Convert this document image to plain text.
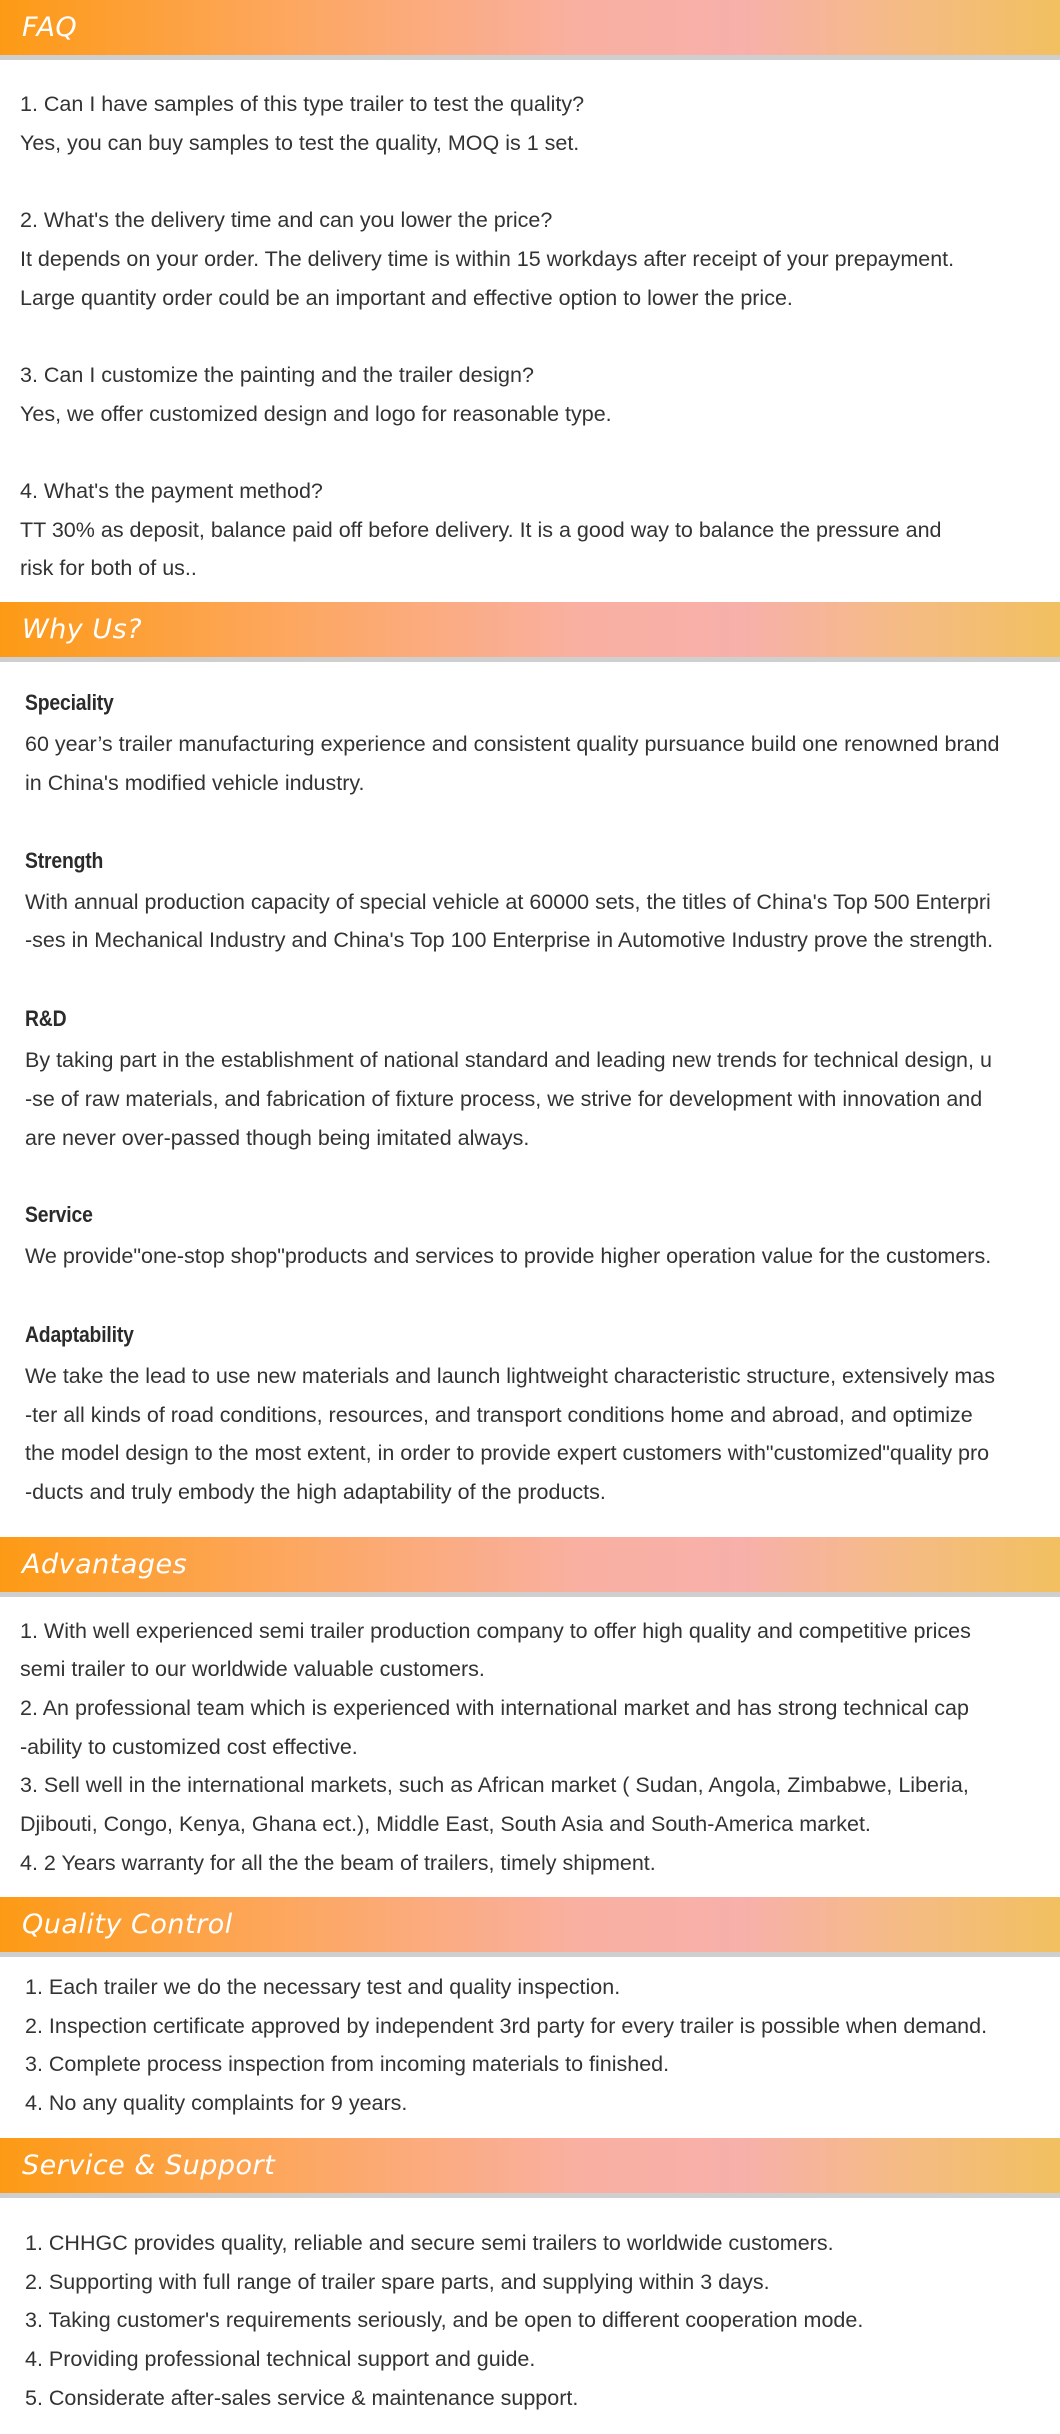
FAQ
1. Can I have samples of this type trailer to test the quality?
Yes, you can buy samples to test the quality, MOQ is 1 set.
2. What's the delivery time and can you lower the price?
It depends on your order. The delivery time is within 15 workdays after receipt of your prepayment.
Large quantity order could be an important and effective option to lower the price.
3. Can I customize the painting and the trailer design?
Yes, we offer customized design and logo for reasonable type.
4. What's the payment method?
TT 30% as deposit, balance paid off before delivery. It is a good way to balance the pressure and
risk for both of us..
Why Us?
Speciality
60 year’s trailer manufacturing experience and consistent quality pursuance build one renowned brand
in China's modified vehicle industry.
Strength
With annual production capacity of special vehicle at 60000 sets, the titles of China's Top 500 Enterpri
-ses in Mechanical Industry and China's Top 100 Enterprise in Automotive Industry prove the strength.
R&D
By taking part in the establishment of national standard and leading new trends for technical design, u
-se of raw materials, and fabrication of fixture process, we strive for development with innovation and
are never over-passed though being imitated always.
Service
We provide"one-stop shop"products and services to provide higher operation value for the customers.
Adaptability
We take the lead to use new materials and launch lightweight characteristic structure, extensively mas
-ter all kinds of road conditions, resources, and transport conditions home and abroad, and optimize
the model design to the most extent, in order to provide expert customers with"customized"quality pro
-ducts and truly embody the high adaptability of the products.
Advantages
1. With well experienced semi trailer production company to offer high quality and competitive prices
semi trailer to our worldwide valuable customers.
2. An professional team which is experienced with international market and has strong technical cap
-ability to customized cost effective.
3. Sell well in the international markets, such as African market ( Sudan, Angola, Zimbabwe, Liberia,
Djibouti, Congo, Kenya, Ghana ect.), Middle East, South Asia and South-America market.
4. 2 Years warranty for all the the beam of trailers, timely shipment.
Quality Control
1. Each trailer we do the necessary test and quality inspection.
2. Inspection certificate approved by independent 3rd party for every trailer is possible when demand.
3. Complete process inspection from incoming materials to finished.
4. No any quality complaints for 9 years.
Service & Support
1. CHHGC provides quality, reliable and secure semi trailers to worldwide customers.
2. Supporting with full range of trailer spare parts, and supplying within 3 days.
3. Taking customer's requirements seriously, and be open to different cooperation mode.
4. Providing professional technical support and guide.
5. Considerate after-sales service & maintenance support.
